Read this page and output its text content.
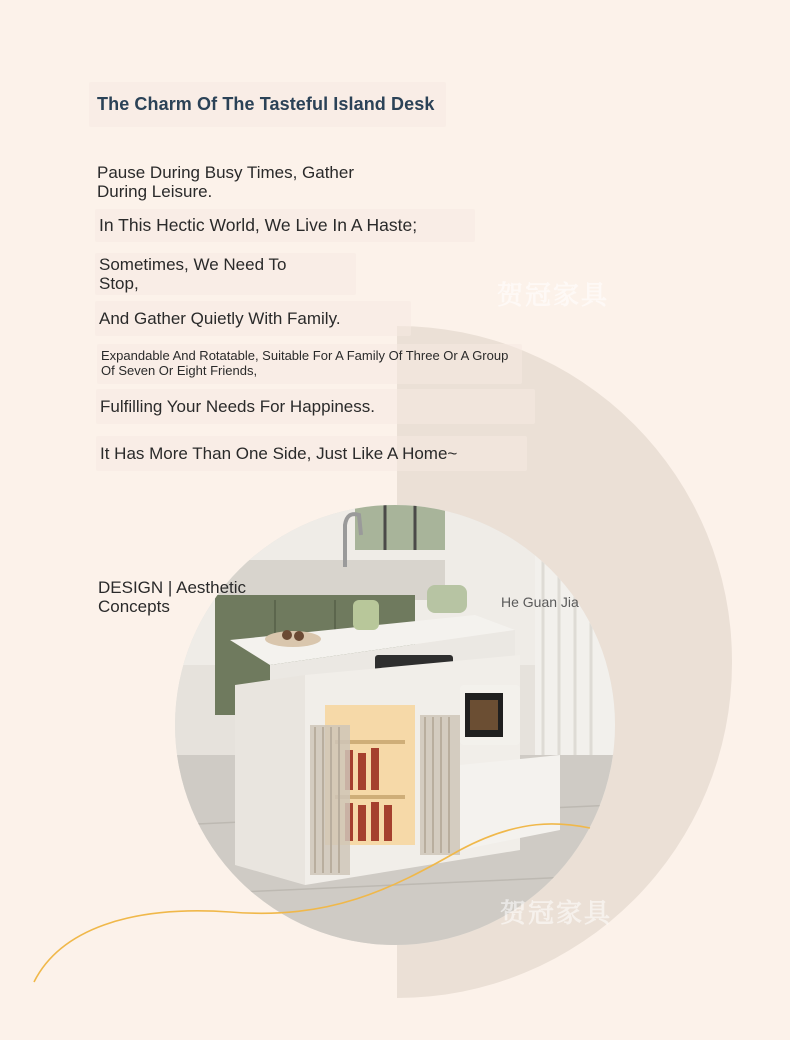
The Charm Of The Tasteful Island Desk

Pause During Busy Times, Gather
During Leisure.

In This Hectic World, We Live In A Haste;

Sometimes, We Need To
Stop,

And Gather Quietly With Family.

Expandable And Rotatable, Suitable For A Family Of Three Or A Group
Of Seven Or Eight Friends,

Fulfilling Your Needs For Happiness.

It Has More Than One Side, Just Like A Home~

DESIGN | Aesthetic
Concepts	He Guan Jia

贺冠家具

贺冠家具
